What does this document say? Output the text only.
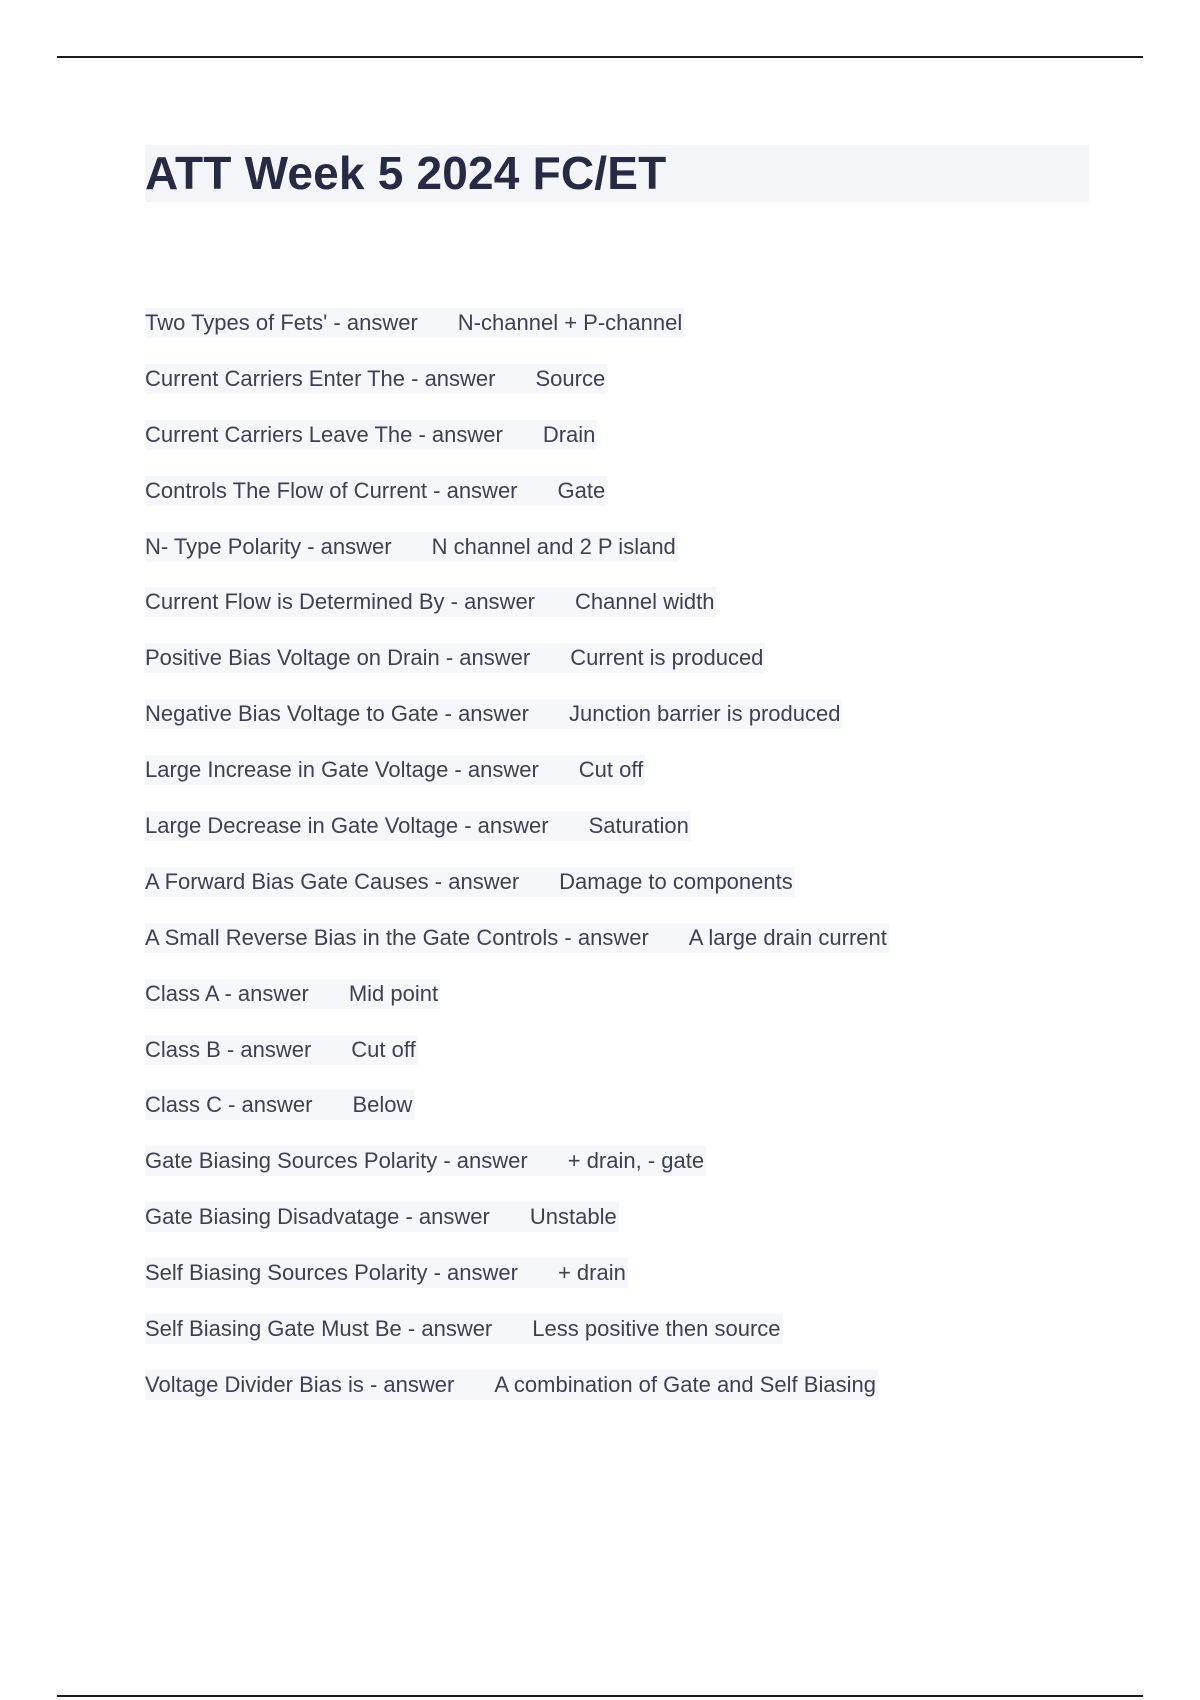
ATT Week 5 2024 FC/ET
Two Types of Fets' - answer	N-channel + P-channel
Current Carriers Enter The - answer	Source
Current Carriers Leave The - answer	Drain
Controls The Flow of Current - answer	Gate
N- Type Polarity - answer	N channel and 2 P island
Current Flow is Determined By - answer	Channel width
Positive Bias Voltage on Drain - answer	Current is produced
Negative Bias Voltage to Gate - answer	Junction barrier is produced
Large Increase in Gate Voltage - answer	Cut off
Large Decrease in Gate Voltage - answer	Saturation
A Forward Bias Gate Causes - answer	Damage to components
A Small Reverse Bias in the Gate Controls - answer	A large drain current
Class A - answer	Mid point
Class B - answer	Cut off
Class C - answer	Below
Gate Biasing Sources Polarity - answer	+ drain, - gate
Gate Biasing Disadvatage - answer	Unstable
Self Biasing Sources Polarity - answer	+ drain
Self Biasing Gate Must Be - answer	Less positive then source
Voltage Divider Bias is - answer	A combination of Gate and Self Biasing
